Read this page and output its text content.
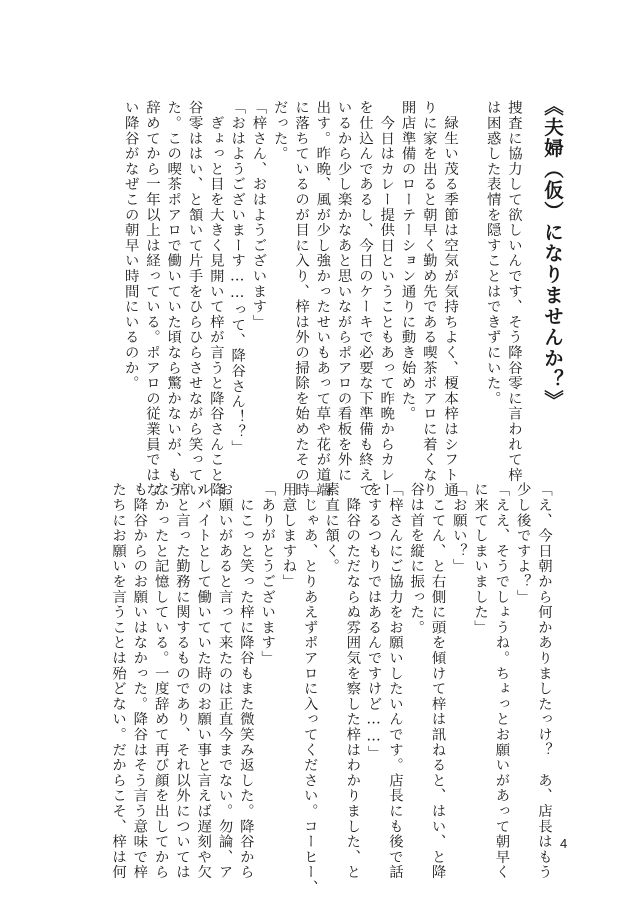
《夫婦（仮）になりませんか？》
捜査に協力して欲しいんです、そう降谷零に言われて梓
は困惑した表情を隠すことはできずにいた。

　緑生い茂る季節は空気が気持ちよく、榎本梓はシフト通
りに家を出ると朝早く勤め先である喫茶ポアロに着くなり
開店準備のローテーション通りに動き始めた。
　今日はカレー提供日ということもあって昨晩からカレー
を仕込んであるし、今日のケーキで必要な下準備も終えて
いるから少し楽かなあと思いながらポアロの看板を外に
出す。昨晩、風が少し強かったせいもあって草や花が道端
に落ちているのが目に入り、梓は外の掃除を始めたその時
だった。
「梓さん、おはようございます」
「おはようございまーす……って、降谷さん！？」
　ぎょっと目を大きく見開いて梓が言うと降谷さんこと降
谷零ははい、と頷いて片手をひらひらさせながら笑ってい
た。この喫茶ポアロで働いていた頃なら驚かないが、もう
辞めてから一年以上は経っている。ポアロの従業員ではな
い降谷がなぜこの朝早い時間にいるのか。
「え、今日朝から何かありましたっけ？　あ、店長はもう
少し後ですよ？」
「ええ、そうでしょうね。ちょっとお願いがあって朝早く
に来てしまいました」
「お願い？」
　こてん、と右側に頭を傾けて梓は訊ねると、はい、と降
谷は首を縦に振った。
「梓さんにご協力をお願いしたいんです。店長にも後で話
をするつもりではあるんですけど……」
　降谷のただならぬ雰囲気を察した梓はわかりました、と
素直に頷く。
「じゃあ、とりあえずポアロに入ってください。コーヒー、
用意しますね」
「ありがとうございます」
　にこっと笑った梓に降谷もまた微笑み返した。降谷から
お願いがあると言って来たのは正直今までない。勿論、ア
ルバイトとして働いていた時のお願い事と言えば遅刻や欠
席と言った勤務に関するものであり、それ以外については
なかったと記憶している。一度辞めて再び顔を出してから
も降谷からのお願いはなかった。降谷はそう言う意味で梓
たちにお願いを言うことは殆どない。だからこそ、梓は何	4
